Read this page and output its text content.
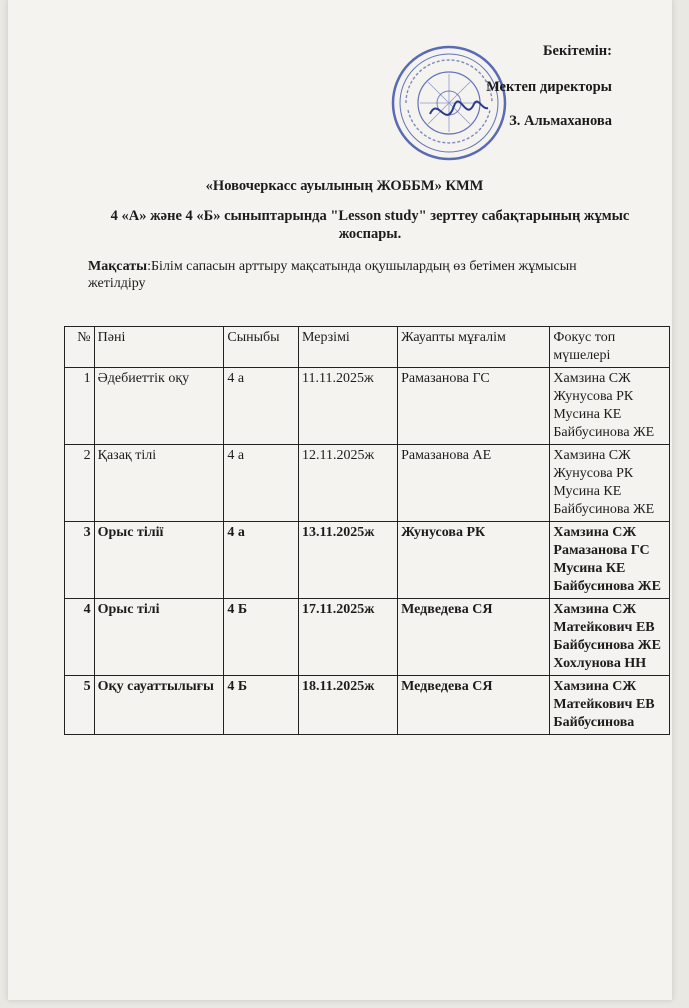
Бекітемін:
Мектеп директоры
З. Альмаханова
«Новочеркасс ауылының ЖОББМ» КММ
4 «А» және 4 «Б» сыныптарында "Lesson study" зерттеу сабақтарының жұмыс жоспары.
Мақсаты:Білім сапасын арттыру мақсатында оқушылардың өз бетімен жұмысын жетілдіру
№	Пәні	Сыныбы	Мерзімі	Жауапты мұғалім	Фокус топ мүшелері
1	Әдебиеттік оқу	4 а	11.11.2025ж	Рамазанова ГС	Хамзина СЖ
Жунусова РК
Мусина КЕ
Байбусинова ЖЕ

2	Қазақ тілі	4 а	12.11.2025ж	Рамазанова АЕ	Хамзина СЖ
Жунусова РК
Мусина КЕ
Байбусинова ЖЕ

3	Орыс тілії	4 а	13.11.2025ж	Жунусова РК	Хамзина СЖ
Рамазанова ГС
Мусина КЕ
Байбусинова ЖЕ

4	Орыс тілі	4 Б	17.11.2025ж	Медведева СЯ	Хамзина СЖ
Матейкович ЕВ
Байбусинова ЖЕ
Хохлунова НН

5	Оқу сауаттылығы	4 Б	18.11.2025ж	Медведева СЯ	Хамзина СЖ
Матейкович ЕВ
Байбусинова
